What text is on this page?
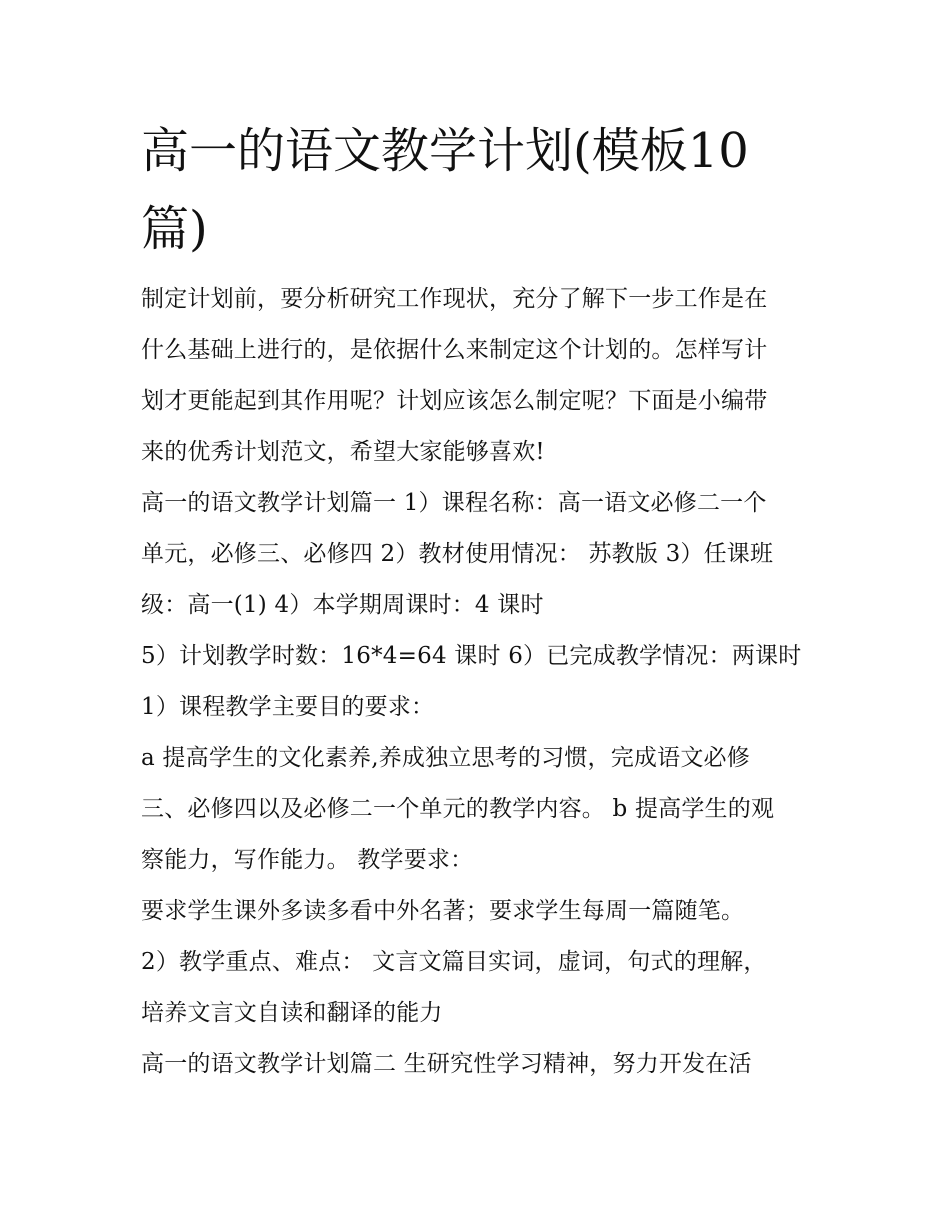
高一的语文教学计划(模板10
篇)

制定计划前，要分析研究工作现状，充分了解下一步工作是在
什么基础上进行的，是依据什么来制定这个计划的。怎样写计
划才更能起到其作用呢？计划应该怎么制定呢？下面是小编带
来的优秀计划范文，希望大家能够喜欢!

高一的语文教学计划篇一 1）课程名称：高一语文必修二一个
单元，必修三、必修四 2）教材使用情况： 苏教版 3）任课班
级：高一(1) 4）本学期周课时：4 课时

5）计划教学时数：16*4=64 课时 6）已完成教学情况：两课时

1）课程教学主要目的要求：

a 提高学生的文化素养,养成独立思考的习惯，完成语文必修
三、必修四以及必修二一个单元的教学内容。 b 提高学生的观
察能力，写作能力。 教学要求：

要求学生课外多读多看中外名著；要求学生每周一篇随笔。

2）教学重点、难点： 文言文篇目实词，虚词，句式的理解，
培养文言文自读和翻译的能力

高一的语文教学计划篇二 生研究性学习精神，努力开发在活
